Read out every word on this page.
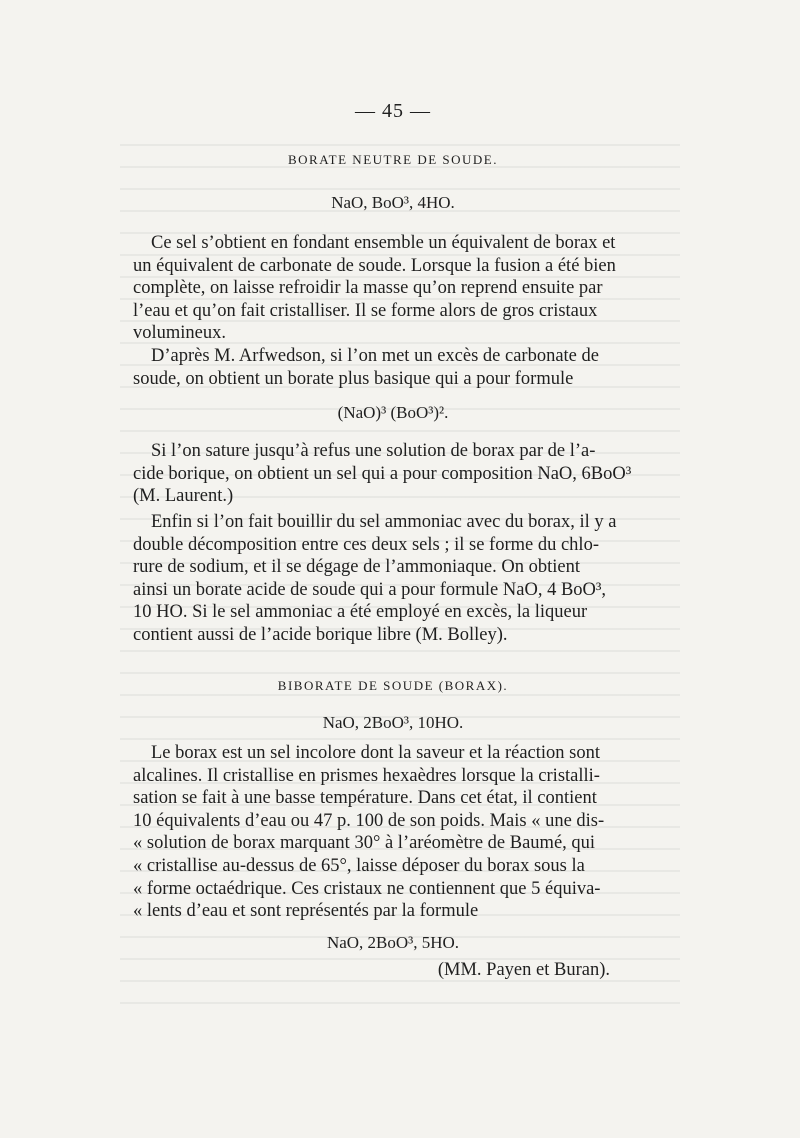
— 45 —
BORATE NEUTRE DE SOUDE.
NaO, BoO³, 4HO.

Ce sel s’obtient en fondant ensemble un équivalent de borax et

un équivalent de carbonate de soude. Lorsque la fusion a été bien

complète, on laisse refroidir la masse qu’on reprend ensuite par

l’eau et qu’on fait cristalliser. Il se forme alors de gros cristaux

volumineux.

D’après M. Arfwedson, si l’on met un excès de carbonate de

soude, on obtient un borate plus basique qui a pour formule

(NaO)³ (BoO³)².

Si l’on sature jusqu’à refus une solution de borax par de l’a-

cide borique, on obtient un sel qui a pour composition NaO, 6BoO³

(M. Laurent.)

Enfin si l’on fait bouillir du sel ammoniac avec du borax, il y a

double décomposition entre ces deux sels ; il se forme du chlo-

rure de sodium, et il se dégage de l’ammoniaque. On obtient

ainsi un borate acide de soude qui a pour formule NaO, 4 BoO³,

10 HO. Si le sel ammoniac a été employé en excès, la liqueur

contient aussi de l’acide borique libre (M. Bolley).

BIBORATE DE SOUDE (BORAX).
NaO, 2BoO³, 10HO.

Le borax est un sel incolore dont la saveur et la réaction sont

alcalines. Il cristallise en prismes hexaèdres lorsque la cristalli-

sation se fait à une basse température. Dans cet état, il contient

10 équivalents d’eau ou 47 p. 100 de son poids. Mais « une dis-

« solution de borax marquant 30° à l’aréomètre de Baumé, qui

« cristallise au-dessus de 65°, laisse déposer du borax sous la

« forme octaédrique. Ces cristaux ne contiennent que 5 équiva-

« lents d’eau et sont représentés par la formule

NaO, 2BoO³, 5HO.
(MM. Payen et Buran).
